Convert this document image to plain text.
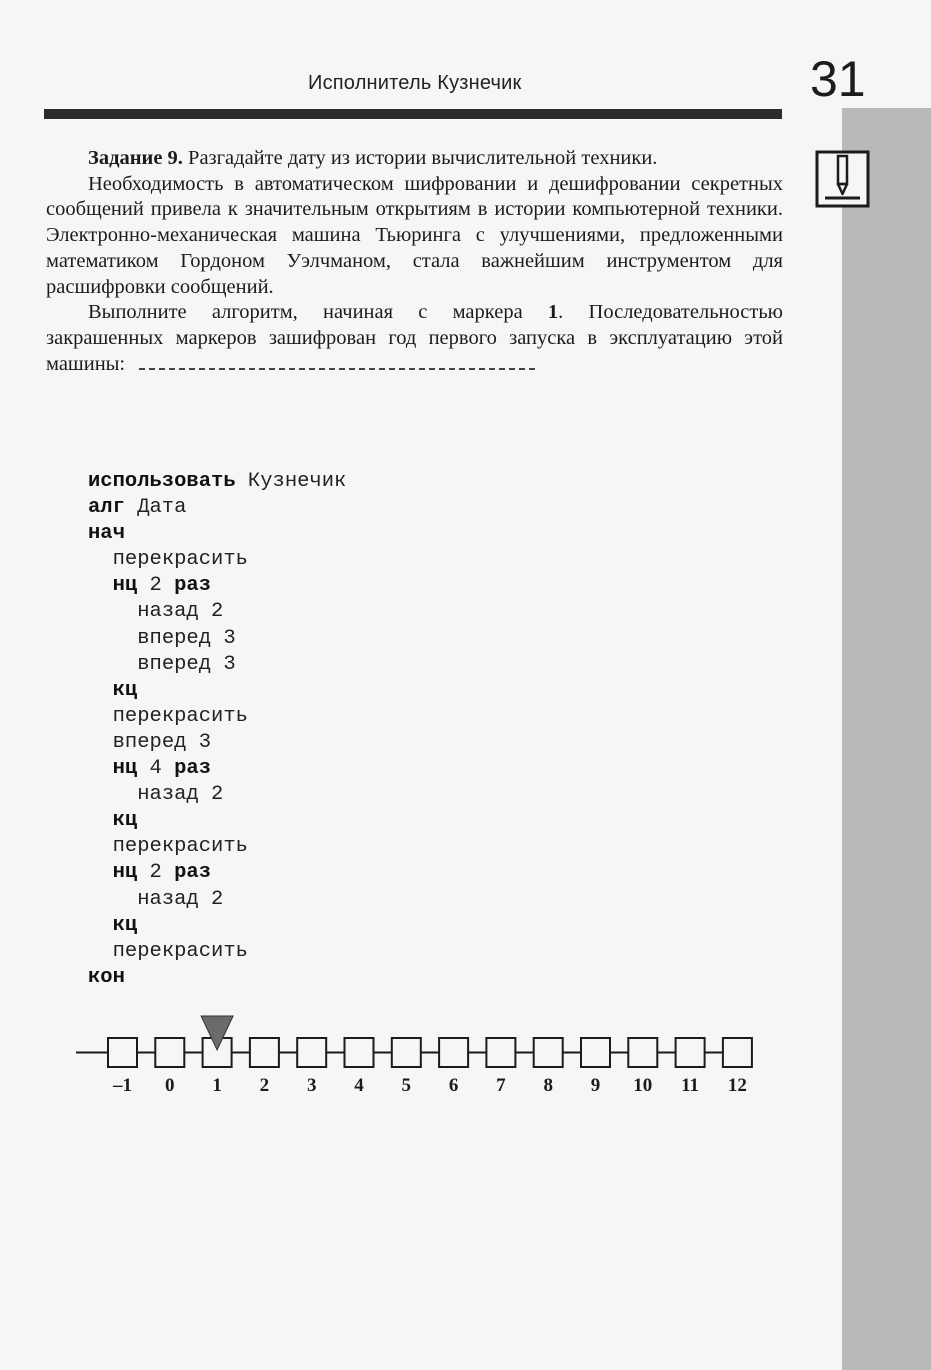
Исполнитель Кузнечик	31

Задание 9. Разгадайте дату из истории вычислительной техники.

Необходимость в автоматическом шифровании и дешифровании секретных сообщений привела к значительным открытиям в истории компьютерной техники. Электронно-механическая машина Тьюринга с улучшениями, предложенными математиком Гордоном Уэлчманом, стала важнейшим инструментом для расшифровки сообщений.

Выполните алгоритм, начиная с маркера 1. Последовательностью закрашенных маркеров зашифрован год первого запуска в эксплуатацию этой машины:

использовать Кузнечик
алг Дата
нач
перекрасить
нц 2 раз
назад 2
вперед 3
вперед 3
кц
перекрасить
вперед 3
нц 4 раз
назад 2
кц
перекрасить
нц 2 раз
назад 2
кц
перекрасить
кон
–1 0 1 2 3 4 5 6 7 8 9 10 11 12
